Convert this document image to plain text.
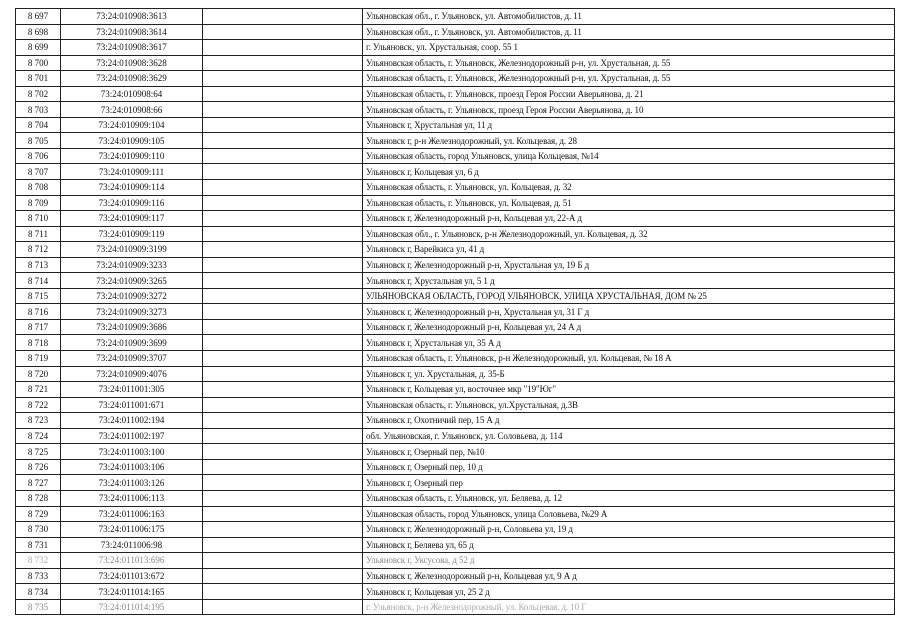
8 697	73:24:010908:3613		Ульяновская обл., г. Ульяновск, ул. Автомобилистов, д. 11
8 698	73:24:010908:3614		Ульяновская обл., г. Ульяновск, ул. Автомобилистов, д. 11
8 699	73:24:010908:3617		г. Ульяновск, ул. Хрустальная, соор. 55 1
8 700	73:24:010908:3628		Ульяновская область, г. Ульяновск, Железнодорожный р-н, ул. Хрустальная, д. 55
8 701	73:24:010908:3629		Ульяновская область, г. Ульяновск, Железнодорожный р-н, ул. Хрустальная, д. 55
8 702	73:24:010908:64		Ульяновская область, г. Ульяновск, проезд Героя России Аверьянова, д. 21
8 703	73:24:010908:66		Ульяновская область, г. Ульяновск, проезд Героя России Аверьянова, д. 10
8 704	73:24:010909:104		Ульяновск г, Хрустальная ул, 11 д
8 705	73:24:010909:105		Ульяновск г, р-н Железнодорожный, ул. Кольцевая, д. 28
8 706	73:24:010909:110		Ульяновская область, город Ульяновск, улица Кольцевая, №14
8 707	73:24:010909:111		Ульяновск г, Кольцевая ул, 6 д
8 708	73:24:010909:114		Ульяновская область, г. Ульяновск, ул. Кольцевая, д. 32
8 709	73:24:010909:116		Ульяновская область, г. Ульяновск, ул. Кольцевая, д. 51
8 710	73:24:010909:117		Ульяновск г, Железнодорожный р-н, Кольцевая ул, 22-А д
8 711	73:24:010909:119		Ульяновская обл., г. Ульяновск, р-н Железнодорожный, ул. Кольцевая, д. 32
8 712	73:24:010909:3199		Ульяновск г, Варейкиса ул, 41 д
8 713	73:24:010909:3233		Ульяновск г, Железнодорожный р-н, Хрустальная ул, 19 Б д
8 714	73:24:010909:3265		Ульяновск г, Хрустальная ул, 5 1 д
8 715	73:24:010909:3272		УЛЬЯНОВСКАЯ ОБЛАСТЬ, ГОРОД УЛЬЯНОВСК, УЛИЦА ХРУСТАЛЬНАЯ, ДОМ № 25
8 716	73:24:010909:3273		Ульяновск г, Железнодорожный р-н, Хрустальная ул, 31 Г д
8 717	73:24:010909:3686		Ульяновск г, Железнодорожный р-н, Кольцевая ул, 24 А д
8 718	73:24:010909:3699		Ульяновск г, Хрустальная ул, 35 А д
8 719	73:24:010909:3707		Ульяновская область, г. Ульяновск, р-н Железнодорожный, ул. Кольцевая, № 18 А
8 720	73:24:010909:4076		Ульяновск г, ул. Хрустальная, д. 35-Б
8 721	73:24:011001:305		Ульяновск г, Кольцевая ул, восточнее мкр "19"Юг"
8 722	73:24:011001:671		Ульяновская область, г. Ульяновск, ул.Хрустальная, д.3В
8 723	73:24:011002:194		Ульяновск г, Охотничий пер, 15 А д
8 724	73:24:011002:197		обл. Ульяновская, г. Ульяновск, ул. Соловьева, д. 114
8 725	73:24:011003:100		Ульяновск г, Озерный пер, №10
8 726	73:24:011003:106		Ульяновск г, Озерный пер, 10 д
8 727	73:24:011003:126		Ульяновск г, Озерный пер
8 728	73:24:011006:113		Ульяновская область, г. Ульяновск, ул. Беляева, д. 12
8 729	73:24:011006:163		Ульяновская область, город Ульяновск, улица Соловьева, №29 А
8 730	73:24:011006:175		Ульяновск г, Железнодорожный р-н, Соловьева ул, 19 д
8 731	73:24:011006:98		Ульяновск г, Беляева ул, 65 д
8 732	73:24:011013:696		Ульяновск г, Уксусова, д 52 д
8 733	73:24:011013:672		Ульяновск г, Железнодорожный р-н, Кольцевая ул, 9 А д
8 734	73:24:011014:165		Ульяновск г, Кольцевая ул, 25 2 д
8 735	73:24:011014:195		г. Ульяновск, р-н Железнодорожный, ул. Кольцевая, д. 10 Г
